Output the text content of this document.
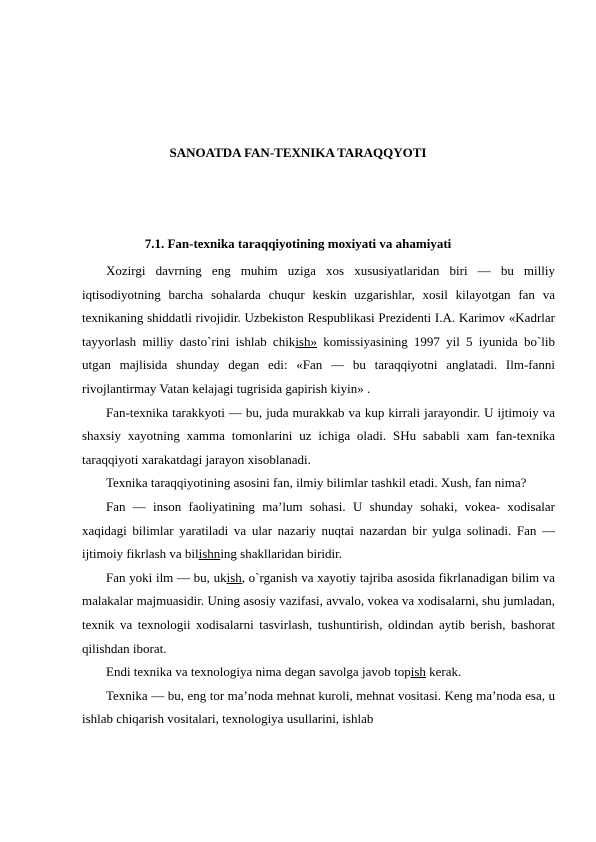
SANOATDA FAN-TEXNIKA TARAQQYOTI
7.1. Fan-texnika taraqqiyotining moxiyati va ahamiyati

Xozirgi davrning eng muhim uziga xos xususiyatlaridan biri — bu milliy iqtisodiyotning barcha sohalarda chuqur keskin uzgarishlar, xosil kilayotgan fan va texnikaning shiddatli rivojidir. Uzbekiston Respublikasi Prezidenti I.A. Karimov «Kadrlar tayyorlash milliy dasto`rini ishlab chikish» komissiyasining 1997 yil 5 iyunida bo`lib utgan majlisida shunday degan edi: «Fan — bu taraqqiyotni anglatadi. Ilm-fanni rivojlantirmay Vatan kelajagi tugrisida gapirish kiyin» .

Fan-texnika tarakkyoti — bu, juda murakkab va kup kirrali jarayondir. U ijtimoiy va shaxsiy xayotning xamma tomonlarini uz ichiga oladi. SHu sababli xam fan-texnika taraqqiyoti xarakatdagi jarayon xisoblanadi.

Texnika taraqqiyotining asosini fan, ilmiy bilimlar tashkil etadi. Xush, fan nima?

Fan — inson faoliyatining ma’lum sohasi. U shunday sohaki, vokea- xodisalar xaqidagi bilimlar yaratiladi va ular nazariy nuqtai nazardan bir yulga solinadi. Fan — ijtimoiy fikrlash va bilishning shakllaridan biridir.

Fan yoki ilm — bu, ukish, o`rganish va xayotiy tajriba asosida fikrlanadigan bilim va malakalar majmuasidir. Uning asosiy vazifasi, avvalo, vokea va xodisalarni, shu jumladan, texnik va texnologii xodisalarni tasvirlash, tushuntirish, oldindan aytib berish, bashorat qilishdan iborat.

Endi texnika va texnologiya nima degan savolga javob topish kerak.

Texnika — bu, eng tor ma’noda mehnat kuroli, mehnat vositasi. Keng ma’noda esa, u ishlab chiqarish vositalari, texnologiya usullarini, ishlab
